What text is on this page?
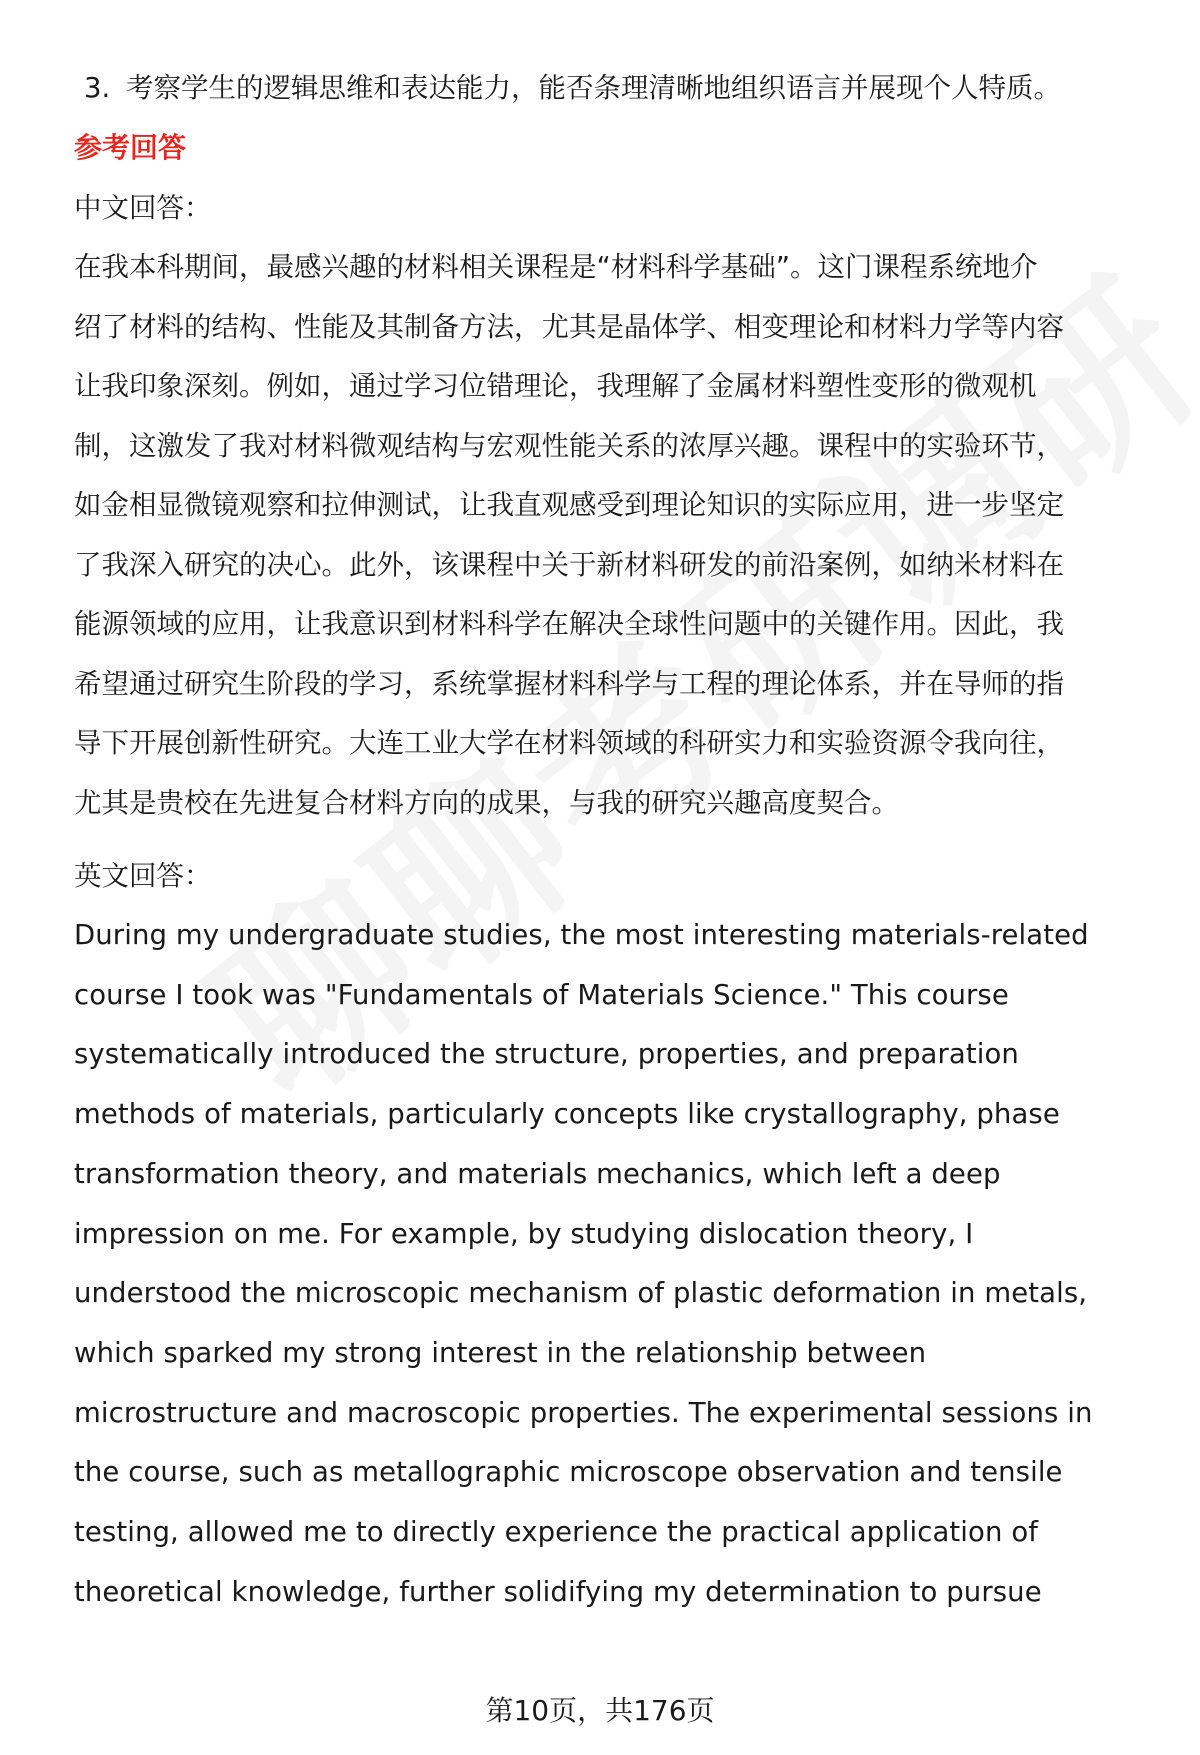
3. 考察学生的逻辑思维和表达能力，能否条理清晰地组织语言并展现个人特质。

参考回答

中文回答：

在我本科期间，最感兴趣的材料相关课程是“材料科学基础”。这门课程系统地介
绍了材料的结构、性能及其制备方法，尤其是晶体学、相变理论和材料力学等内容
让我印象深刻。例如，通过学习位错理论，我理解了金属材料塑性变形的微观机
制，这激发了我对材料微观结构与宏观性能关系的浓厚兴趣。课程中的实验环节，
如金相显微镜观察和拉伸测试，让我直观感受到理论知识的实际应用，进一步坚定
了我深入研究的决心。此外，该课程中关于新材料研发的前沿案例，如纳米材料在
能源领域的应用，让我意识到材料科学在解决全球性问题中的关键作用。因此，我
希望通过研究生阶段的学习，系统掌握材料科学与工程的理论体系，并在导师的指
导下开展创新性研究。大连工业大学在材料领域的科研实力和实验资源令我向往，
尤其是贵校在先进复合材料方向的成果，与我的研究兴趣高度契合。

英文回答：

During my undergraduate studies, the most interesting materials-related
course I took was "Fundamentals of Materials Science." This course
systematically introduced the structure, properties, and preparation
methods of materials, particularly concepts like crystallography, phase
transformation theory, and materials mechanics, which left a deep
impression on me. For example, by studying dislocation theory, I
understood the microscopic mechanism of plastic deformation in metals,
which sparked my strong interest in the relationship between
microstructure and macroscopic properties. The experimental sessions in
the course, such as metallographic microscope observation and tensile
testing, allowed me to directly experience the practical application of
theoretical knowledge, further solidifying my determination to pursue
第10页，共176页
